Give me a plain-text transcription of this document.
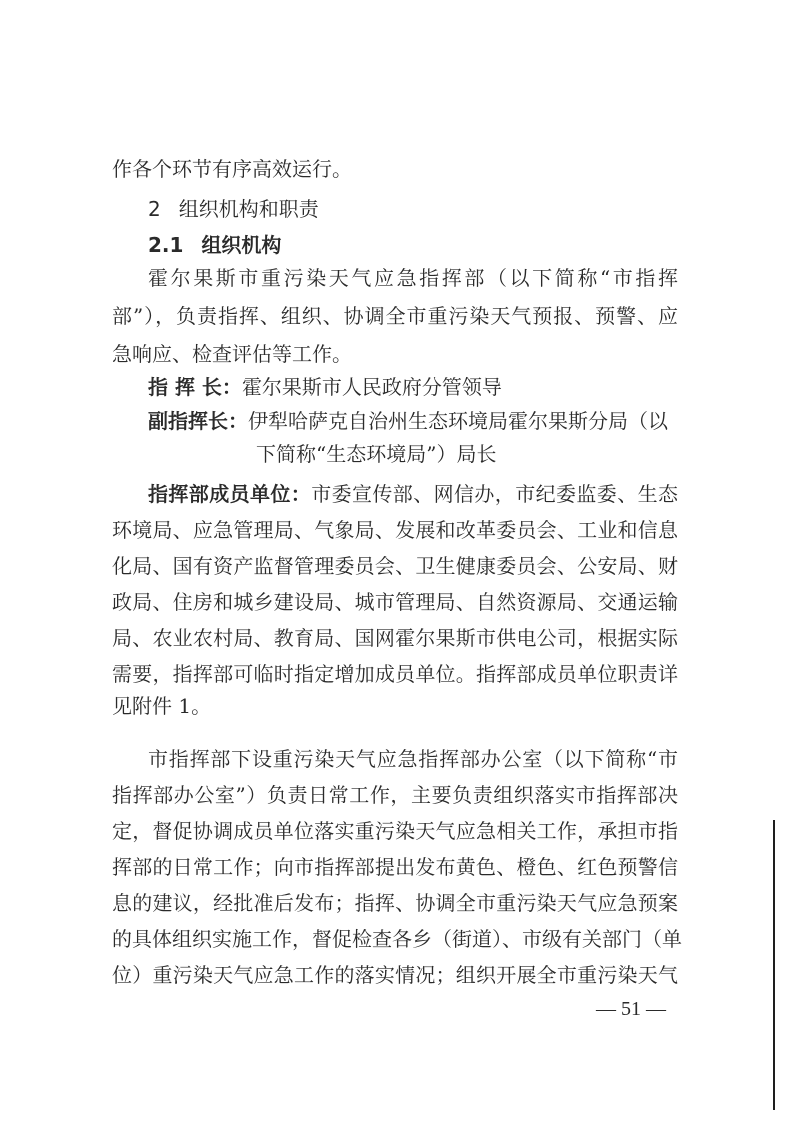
作各个环节有序高效运行。
2 组织机构和职责
2.1 组织机构
霍尔果斯市重污染天气应急指挥部（以下简称“市指挥
部”），负责指挥、组织、协调全市重污染天气预报、预警、应
急响应、检查评估等工作。
指 挥 长：霍尔果斯市人民政府分管领导
副指挥长：伊犁哈萨克自治州生态环境局霍尔果斯分局（以
下简称“生态环境局”）局长
指挥部成员单位：市委宣传部、网信办，市纪委监委、生态
环境局、应急管理局、气象局、发展和改革委员会、工业和信息
化局、国有资产监督管理委员会、卫生健康委员会、公安局、财
政局、住房和城乡建设局、城市管理局、自然资源局、交通运输
局、农业农村局、教育局、国网霍尔果斯市供电公司，根据实际
需要，指挥部可临时指定增加成员单位。指挥部成员单位职责详
见附件 1。
市指挥部下设重污染天气应急指挥部办公室（以下简称“市
指挥部办公室”）负责日常工作，主要负责组织落实市指挥部决
定，督促协调成员单位落实重污染天气应急相关工作，承担市指
挥部的日常工作；向市指挥部提出发布黄色、橙色、红色预警信
息的建议，经批准后发布；指挥、协调全市重污染天气应急预案
的具体组织实施工作，督促检查各乡（街道）、市级有关部门（单
位）重污染天气应急工作的落实情况；组织开展全市重污染天气
— 51 —
